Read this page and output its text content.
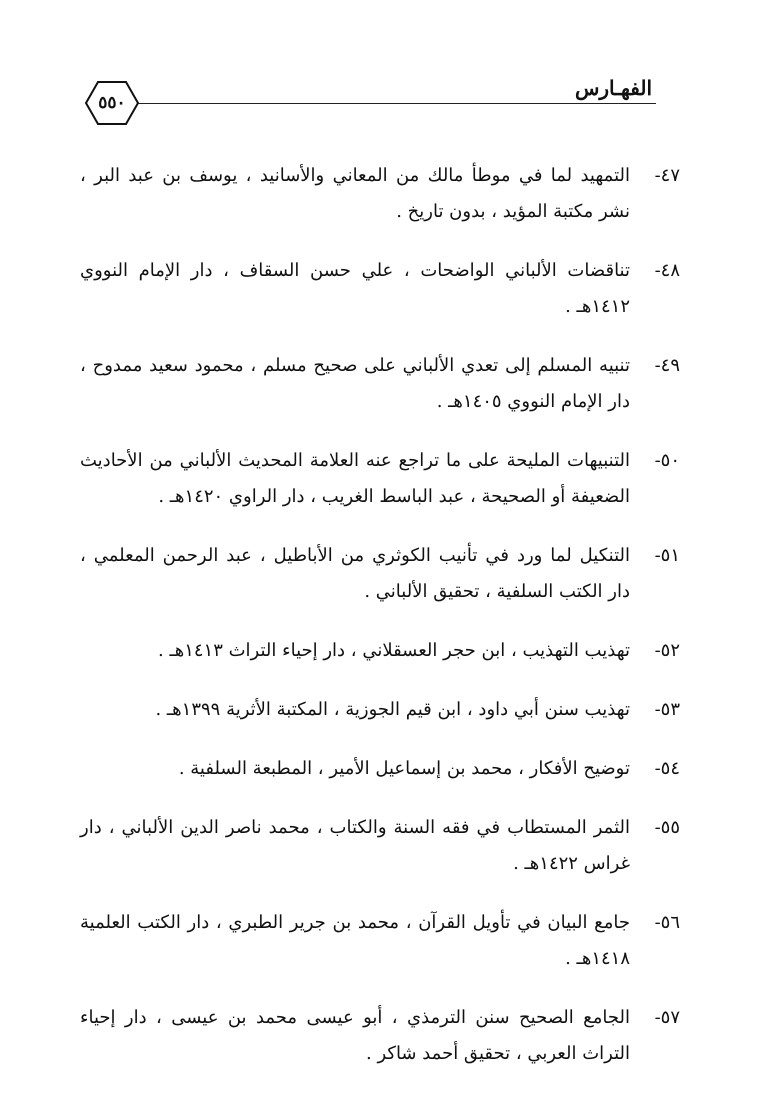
الفهـارس
٥٥٠
٤٧-
التمهيد لما في موطأ مالك من المعاني والأسانيد ، يوسف بن عبد البر ، نشر مكتبة المؤيد ، بدون تاريخ .
٤٨-
تناقضات الألباني الواضحات ، علي حسن السقاف ، دار الإمام النووي ١٤١٢هـ .
٤٩-
تنبيه المسلم إلى تعدي الألباني على صحيح مسلم ، محمود سعيد ممدوح ، دار الإمام النووي ١٤٠٥هـ .
٥٠-
التنبيهات المليحة على ما تراجع عنه العلامة المحديث الألباني من الأحاديث الضعيفة أو الصحيحة ، عبد الباسط الغريب ، دار الراوي ١٤٢٠هـ .
٥١-
التنكيل لما ورد في تأنيب الكوثري من الأباطيل ، عبد الرحمن المعلمي ، دار الكتب السلفية ، تحقيق الألباني .
٥٢-
تهذيب التهذيب ، ابن حجر العسقلاني ، دار إحياء التراث ١٤١٣هـ .
٥٣-
تهذيب سنن أبي داود ، ابن قيم الجوزية ، المكتبة الأثرية ١٣٩٩هـ .
٥٤-
توضيح الأفكار ، محمد بن إسماعيل الأمير ، المطبعة السلفية .
٥٥-
الثمر المستطاب في فقه السنة والكتاب ، محمد ناصر الدين الألباني ، دار غراس ١٤٢٢هـ .
٥٦-
جامع البيان في تأويل القرآن ، محمد بن جرير الطبري ، دار الكتب العلمية ١٤١٨هـ .
٥٧-
الجامع الصحيح سنن الترمذي ، أبو عيسى محمد بن عيسى ، دار إحياء التراث العربي ، تحقيق أحمد شاكر .
